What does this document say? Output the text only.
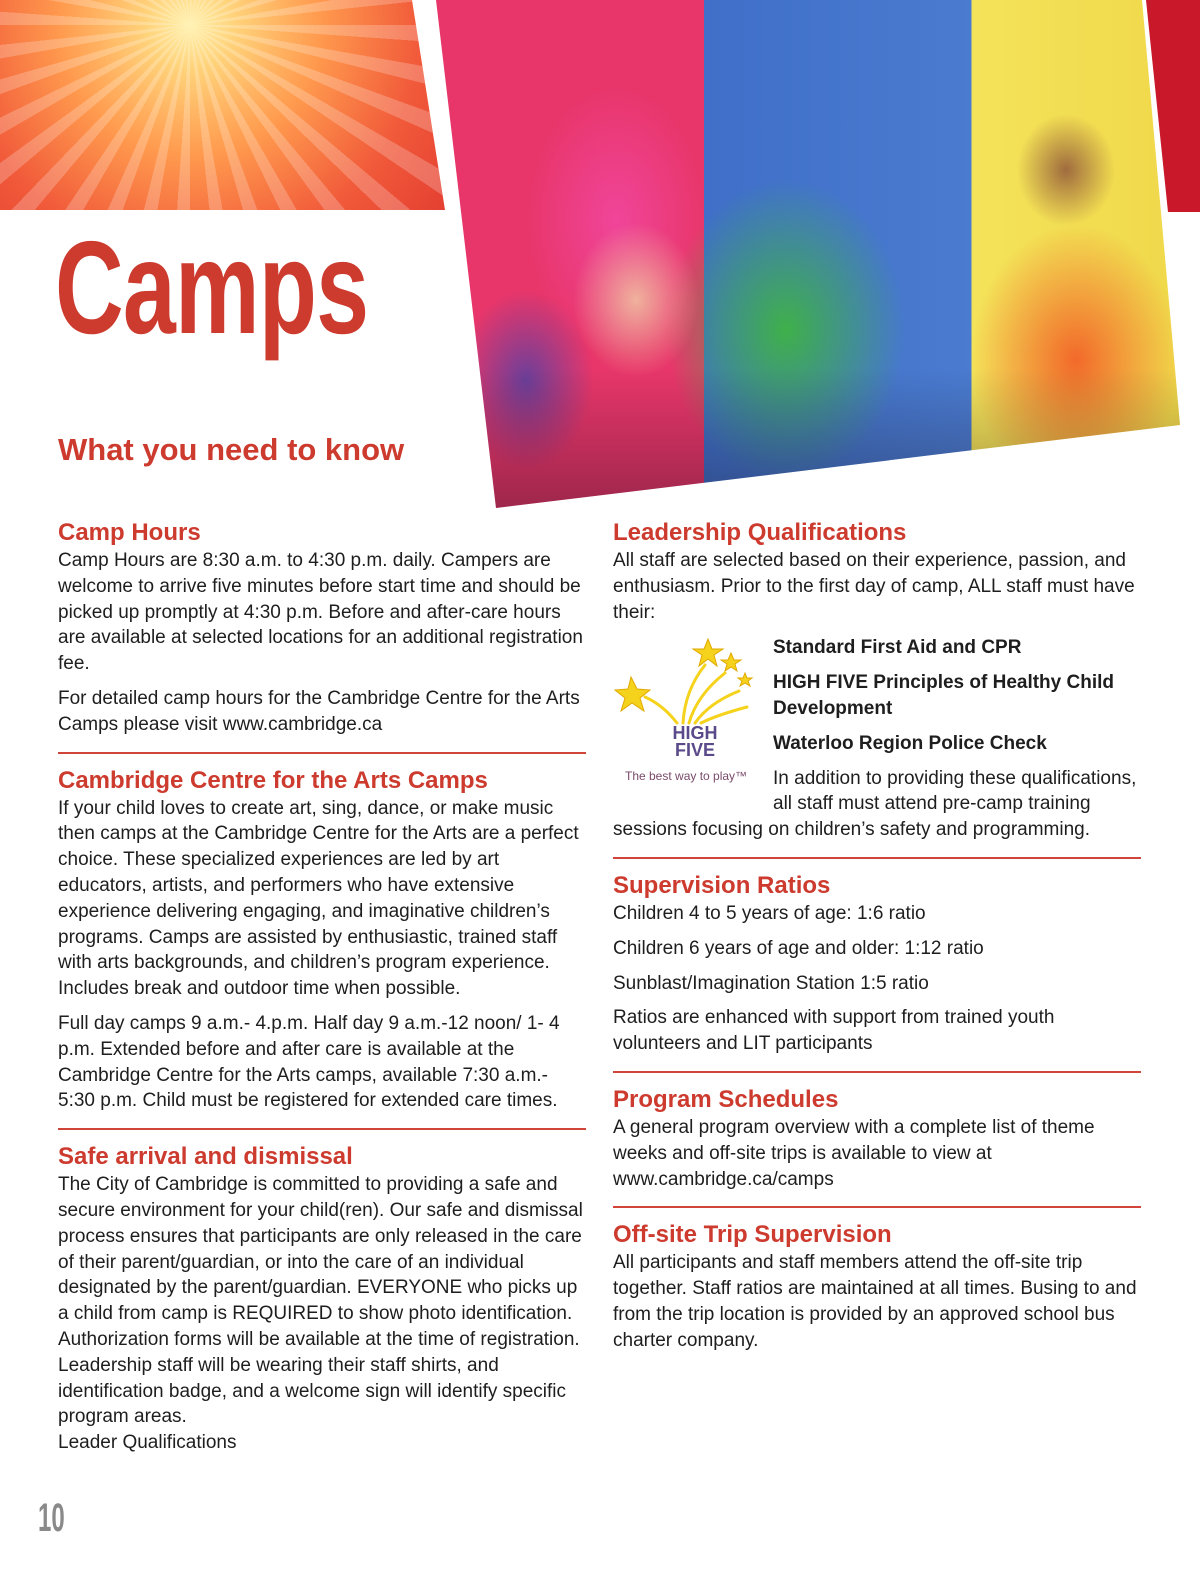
Camps
What you need to know
Camp Hours

Camp Hours are 8:30 a.m. to 4:30 p.m. daily. Campers are welcome to arrive five minutes before start time and should be picked up promptly at 4:30 p.m. Before and after-care hours are available at selected locations for an additional registration fee.

For detailed camp hours for the Cambridge Centre for the Arts Camps please visit www.cambridge.ca

Cambridge Centre for the Arts Camps

If your child loves to create art, sing, dance, or make music then camps at the Cambridge Centre for the Arts are a perfect choice. These specialized experiences are led by art educators, artists, and performers who have extensive experience delivering engaging, and imaginative children’s programs. Camps are assisted by enthusiastic, trained staff with arts backgrounds, and children’s program experience. Includes break and outdoor time when possible.

Full day camps 9 a.m.- 4.p.m. Half day 9 a.m.-12 noon/ 1- 4 p.m. Extended before and after care is available at the Cambridge Centre for the Arts camps, available 7:30 a.m.- 5:30 p.m. Child must be registered for extended care times.

Safe arrival and dismissal

The City of Cambridge is committed to providing a safe and secure environment for your child(ren). Our safe and dismissal process ensures that participants are only released in the care of their parent/guardian, or into the care of an individual designated by the parent/guardian. EVERYONE who picks up a child from camp is REQUIRED to show photo identification. Authorization forms will be available at the time of registration. Leadership staff will be wearing their staff shirts, and identification badge, and a welcome sign will identify specific program areas.

Leader Qualifications

Leadership Qualifications

All staff are selected based on their experience, passion, and enthusiasm. Prior to the first day of camp, ALL staff must have their:

HIGH
FIVE
The best way to play™

Standard First Aid and CPR

HIGH FIVE Principles of Healthy Child Development

Waterloo Region Police Check

In addition to providing these qualifications, all staff must attend pre-camp training sessions focusing on children’s safety and programming.

Supervision Ratios

Children 4 to 5 years of age: 1:6 ratio

Children 6 years of age and older: 1:12 ratio

Sunblast/Imagination Station 1:5 ratio

Ratios are enhanced with support from trained youth volunteers and LIT participants

Program Schedules

A general program overview with a complete list of theme weeks and off-site trips is available to view at www.cambridge.ca/camps

Off-site Trip Supervision

All participants and staff members attend the off-site trip together. Staff ratios are maintained at all times. Busing to and from the trip location is provided by an approved school bus charter company.

10
